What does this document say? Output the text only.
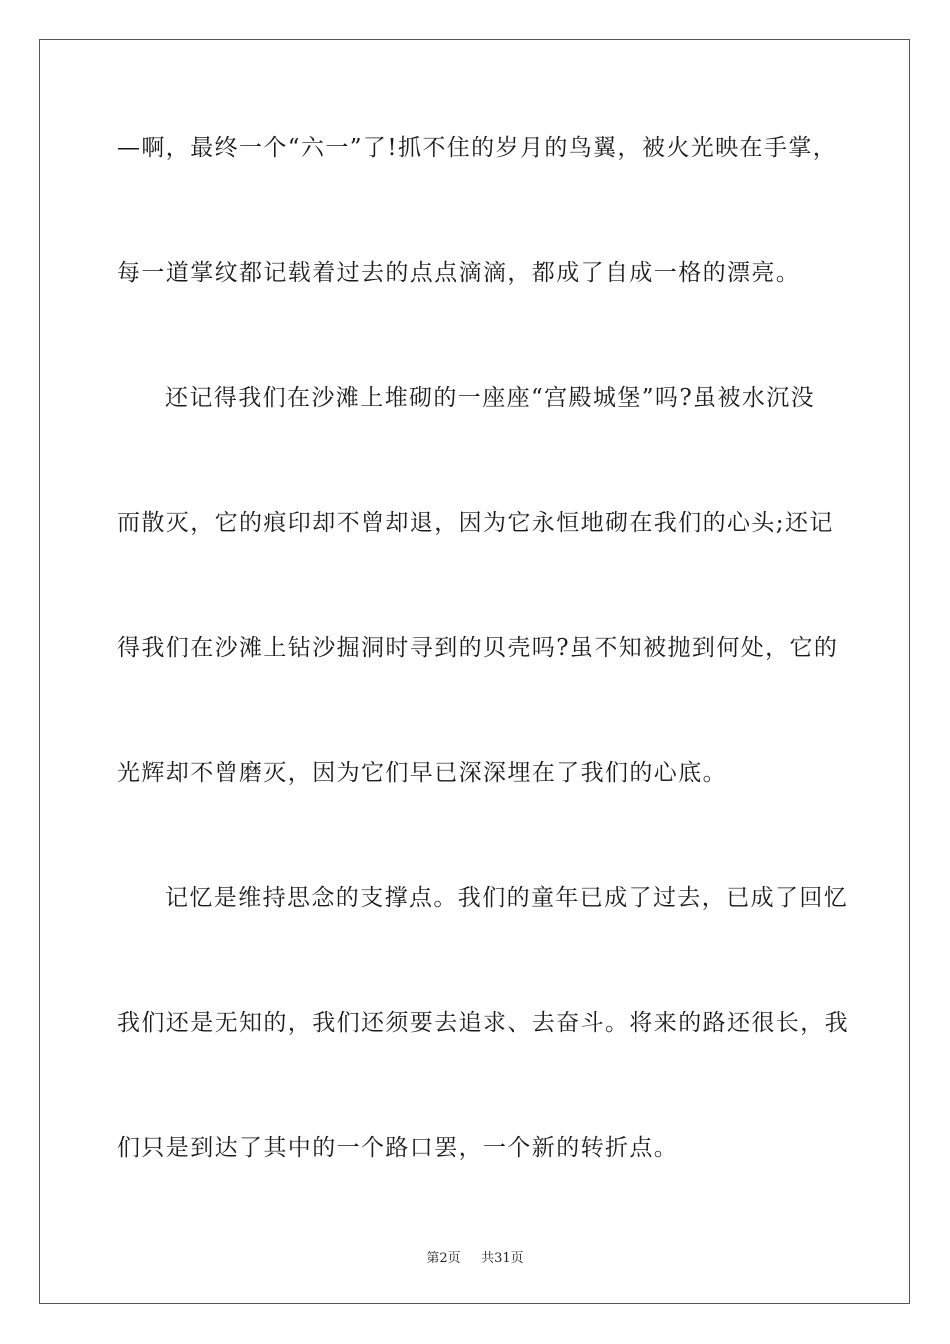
—啊，最终一个“六一”了!抓不住的岁月的鸟翼，被火光映在手掌，
每一道掌纹都记载着过去的点点滴滴，都成了自成一格的漂亮。
还记得我们在沙滩上堆砌的一座座“宫殿城堡”吗?虽被水沉没
而散灭，它的痕印却不曾却退，因为它永恒地砌在我们的心头;还记
得我们在沙滩上钻沙掘洞时寻到的贝壳吗?虽不知被抛到何处，它的
光辉却不曾磨灭，因为它们早已深深埋在了我们的心底。
记忆是维持思念的支撑点。我们的童年已成了过去，已成了回忆
我们还是无知的，我们还须要去追求、去奋斗。将来的路还很长，我
们只是到达了其中的一个路口罢，一个新的转折点。
第2页 共31页
